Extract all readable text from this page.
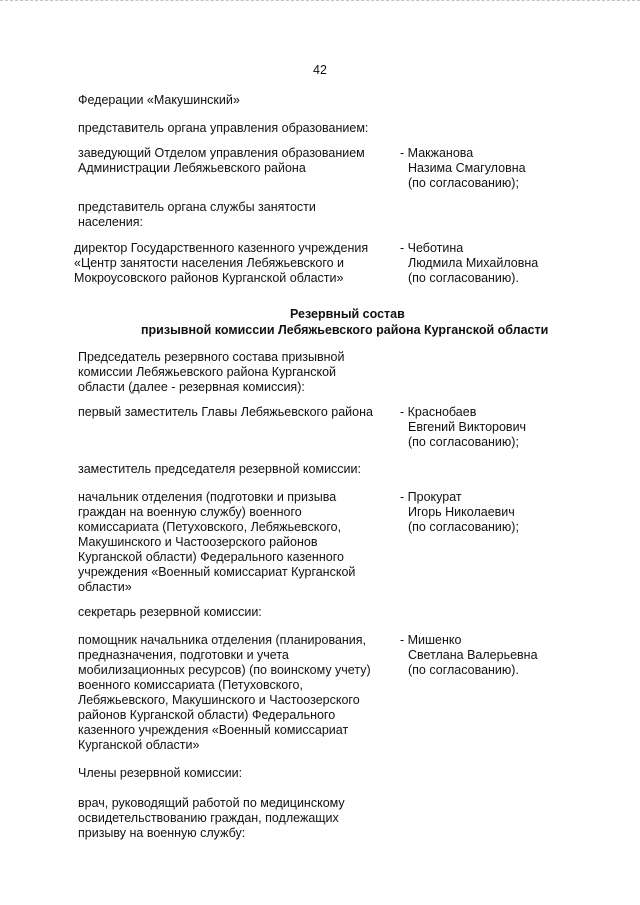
42
Федерации «Макушинский»
представитель органа управления образованием:
заведующий Отделом управления образованием
Администрации Лебяжьевского района
- Макжанова
Назима Смагуловна
(по согласованию);
представитель органа службы занятости
населения:
директор Государственного казенного учреждения
«Центр занятости населения Лебяжьевского и
Мокроусовского районов Курганской области»
- Чеботина
Людмила Михайловна
(по согласованию).
Резервный состав
призывной комиссии Лебяжьевского района Курганской области
Председатель резервного состава призывной
комиссии Лебяжьевского района Курганской
области (далее - резервная комиссия):
первый заместитель Главы Лебяжьевского района	- Краснобаев
Евгений Викторович
(по согласованию);
заместитель председателя резервной комиссии:
начальник отделения (подготовки и призыва
граждан на военную службу) военного
комиссариата (Петуховского, Лебяжьевского,
Макушинского и Частоозерского районов
Курганской области) Федерального казенного
учреждения «Военный комиссариат Курганской
области»
- Прокурат
Игорь Николаевич
(по согласованию);
секретарь резервной комиссии:
помощник начальника отделения (планирования,
предназначения, подготовки и учета
мобилизационных ресурсов) (по воинскому учету)
военного комиссариата (Петуховского,
Лебяжьевского, Макушинского и Частоозерского
районов Курганской области) Федерального
казенного учреждения «Военный комиссариат
Курганской области»
- Мишенко
Светлана Валерьевна
(по согласованию).
Члены резервной комиссии:
врач, руководящий работой по медицинскому
освидетельствованию граждан, подлежащих
призыву на военную службу:
